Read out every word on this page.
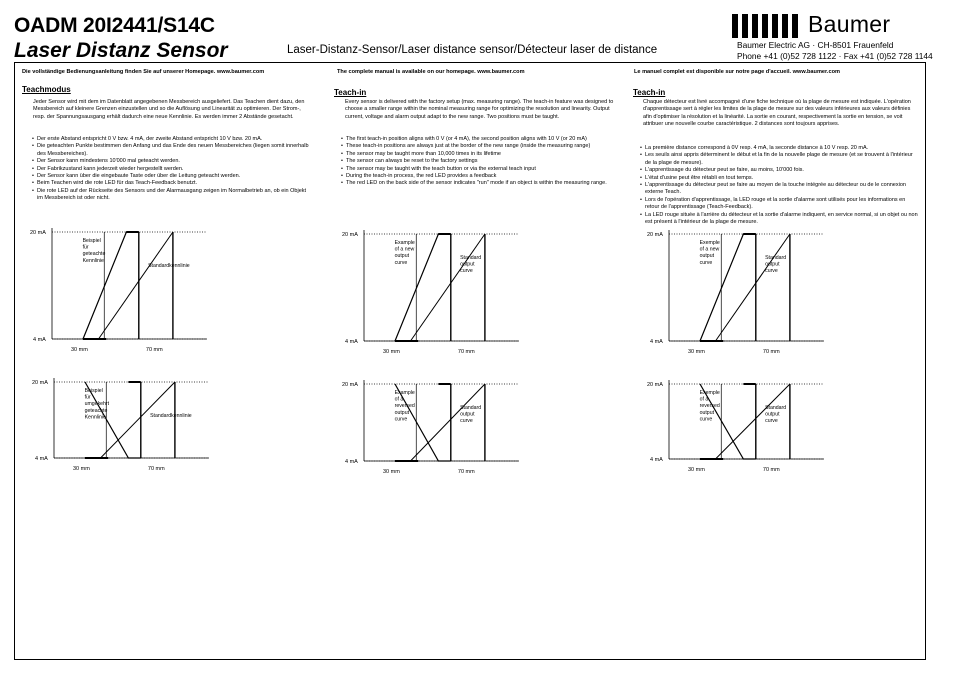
OADM 20I2441/S14C
Laser Distanz Sensor	Laser-Distanz-Sensor/Laser distance sensor/Détecteur laser de distance
Baumer
Baumer Electric AG · CH-8501 Frauenfeld
Phone +41 (0)52 728 1122 · Fax +41 (0)52 728 1144
Die vollständige Bedienungsanleitung finden Sie auf unserer Homepage. www.baumer.com	The complete manual is available on our homepage. www.baumer.com	Le manuel complet est disponible sur notre page d'accueil. www.baumer.com
Teachmodus	Teach-in	Teach-in
Jeder Sensor wird mit dem im Datenblatt angegebenen Messbereich ausgeliefert. Das Teachen dient dazu, den Messbereich auf kleinere Grenzen einzustellen und so die Auflösung und Linearität zu optimieren. Der Strom-, resp. der Spannungsausgang erhält dadurch eine neue Kennlinie. Es werden immer 2 Abstände gesetacht.
Every sensor is delivered with the factory setup (max. measuring range). The teach-in feature was designed to choose a smaller range within the nominal measuring range for optimizing the resolution and linearity. Output current, voltage and alarm output adapt to the new range. Two positions must be taught.
Chaque détecteur est livré accompagné d'une fiche technique où la plage de mesure est indiquée. L'opération d'apprentissage sert à régler les limites de la plage de mesure sur des valeurs inférieures aux valeurs définies afin d'optimiser la résolution et la linéarité. La sortie en courant, respectivement la sortie en tension, se voit attribuer une nouvelle courbe caractéristique. 2 distances sont toujours apprises.
• Der erste Abstand entspricht 0 V bzw. 4 mA, der zweite Abstand entspricht 10 V bzw. 20 mA.
• Die geteachten Punkte bestimmen den Anfang und das Ende des neuen Messbereiches (liegen somit innerhalb des Messbereiches).
• Der Sensor kann mindestens 10'000 mal geteacht werden.
• Der Fabrikzustand kann jederzeit wieder hergestellt werden.
• Der Sensor kann über die eingebaute Taste oder über die Leitung geteacht werden.
• Beim Teachen wird die rote LED für das Teach-Feedback benutzt.
• Die rote LED auf der Rückseite des Sensors und der Alarmausgang zeigen im Normalbetrieb an, ob ein Objekt im Messbereich ist oder nicht.
• The first teach-in position aligns with 0 V (or 4 mA), the second position aligns with 10 V (or 20 mA)
• These teach-in positions are always just at the border of the new range (inside the measuring range)
• The sensor may be taught more than 10,000 times in its lifetime
• The sensor can always be reset to the factory settings
• The sensor may be taught with the teach button or via the external teach input
• During the teach-in process, the red LED provides a feedback
• The red LED on the back side of the sensor indicates "run" mode if an object is within the measuring range.
• La première distance correspond à 0V resp. 4 mA, la seconde distance à 10 V resp. 20 mA.
• Les seuils ainsi appris déterminent le début et la fin de la nouvelle plage de mesure (et se trouvent à l'intérieur de la plage de mesure).
• L'apprentissage du détecteur peut se faire, au moins, 10'000 fois.
• L'état d'usine peut être rétabli en tout temps.
• L'apprentissage du détecteur peut se faire au moyen de la touche intégrée au détecteur ou de le connexion externe Teach.
• Lors de l'opération d'apprentissage, la LED rouge et la sortie d'alarme sont utilisés pour les informations en retour de l'apprentissage (Teach-Feedback).
• La LED rouge située à l'arrière du détecteur et la sortie d'alarme indiquent, en service normal, si un objet ou non est présent à l'intérieur de la plage de mesure.
20 mA
4 mA
30 mm	70 mm
Beispiel
für
geteachte
Kennlinie
Standardkennlinie
20 mA
4 mA
30 mm	70 mm
Example
of a new
output
curve
Standard
output
curve
20 mA
4 mA
30 mm	70 mm
Exemple
of a new
output
curve
Standard
output
curve
20 mA
4 mA
30 mm	70 mm
Beispiel
für
umgekehrt
geteachte
Kennlinie	Standardkennlinie
20 mA
4 mA
30 mm	70 mm
Example
of a
reversed
output
curve
Standard
output
curve
20 mA
4 mA
30 mm	70 mm
Exemple
of a
reversed
output
curve
Standard
output
curve
